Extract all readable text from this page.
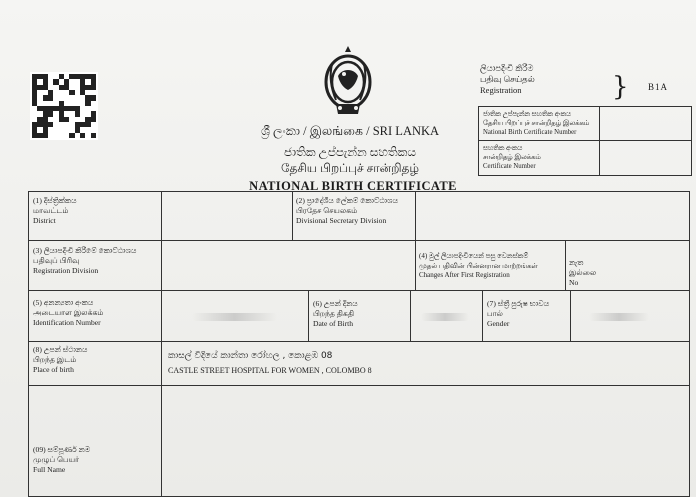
ශ්‍රී ලංකා / இலங்கை / SRI LANKA
ජාතික උප්පැන්න සහතිකය
தேசிய பிறப்புச் சான்றிதழ்
NATIONAL BIRTH CERTIFICATE
ලියාපදිංචි කිරීම
பதிவு செய்தல்
Registration	} B1A
ජාතික උප්පැන්න සහතික අංකය
தேசிய பிறப்புச் சான்றிதழ் இலக்கம்
National Birth Certificate Number
සහතික අංකය
சான்றிதழ் இலக்கம்
Certificate Number
(1) දිස්ත්‍රික්කය
மாவட்டம்
District
(2) ප්‍රාදේශීය ලේකම් කොට්ඨාශය
பிரதேச செயலகம்
Divisional Secretary Division
(3) ලියාපදිංචි කිරීමේ කොට්ඨාශය
பதிவுப் பிரிவு
Registration Division
(4) මුල් ලියාපදිංචියෙන් පසු වෙනස්කම්
முதல் பதிவின் பின்னரான மாற்றங்கள்
Changes After First Registration
නැත
இல்லை
No
(5) අනන්‍යතා අංකය
அடையாள இலக்கம்
Identification Number
(6) උපන් දිනය
பிறந்த திகதி
Date of Birth
(7) ස්ත්‍රී පුරුෂ භාවය
பால்
Gender
(8) උපන් ස්ථානය
பிறந்த இடம்
Place of birth
කාසල් වීදියේ කාන්තා රෝහල , කොළඹ 08
CASTLE STREET HOSPITAL FOR WOMEN , COLOMBO 8
(09) සම්පූර්ණ නම
முழுப் பெயர்
Full Name
